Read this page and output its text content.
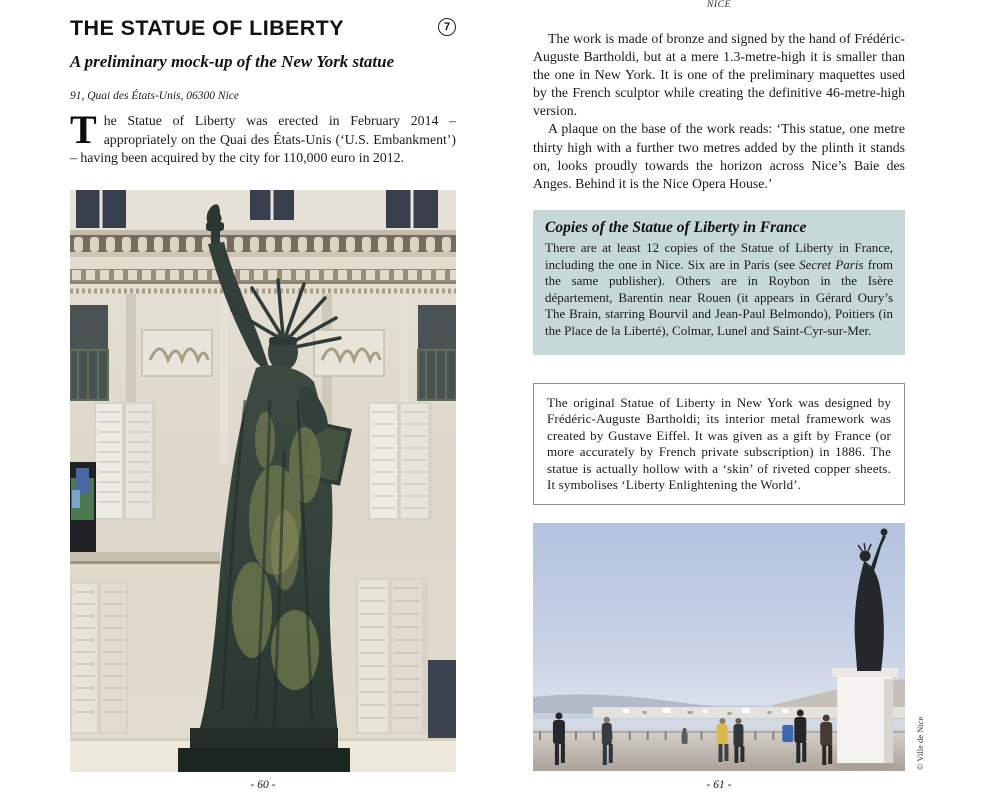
NICE
THE STATUE OF LIBERTY	7
A preliminary mock-up of the New York statue
91, Quai des États-Unis, 06300 Nice
The Statue of Liberty was erected in February 2014 – appropriately on the Quai des États-Unis (‘U.S. Embankment’) – having been acquired by the city for 110,000 euro in 2012.
- 60 -

The work is made of bronze and signed by the hand of Frédéric-Auguste Bartholdi, but at a mere 1.3-metre-high it is smaller than the one in New York. It is one of the preliminary maquettes used by the French sculptor while creating the definitive 46-metre-high version.

A plaque on the base of the work reads: ‘This statue, one metre thirty high with a further two metres added by the plinth it stands on, looks proudly towards the horizon across Nice’s Baie des Anges. Behind it is the Nice Opera House.’

Copies of the Statue of Liberty in France
There are at least 12 copies of the Statue of Liberty in France, including the one in Nice. Six are in Paris (see Secret Paris from the same publisher). Others are in Roybon in the Isère département, Barentin near Rouen (it appears in Gérard Oury’s The Brain, starring Bourvil and Jean-Paul Belmondo), Poitiers (in the Place de la Liberté), Colmar, Lunel and Saint-Cyr-sur-Mer.
The original Statue of Liberty in New York was designed by Frédéric-Auguste Bartholdi; its interior metal framework was created by Gustave Eiffel. It was given as a gift by France (or more accurately by French private subscription) in 1886. The statue is actually hollow with a ‘skin’ of riveted copper sheets. It symbolises ‘Liberty Enlightening the World’.
© Ville de Nice
- 61 -
